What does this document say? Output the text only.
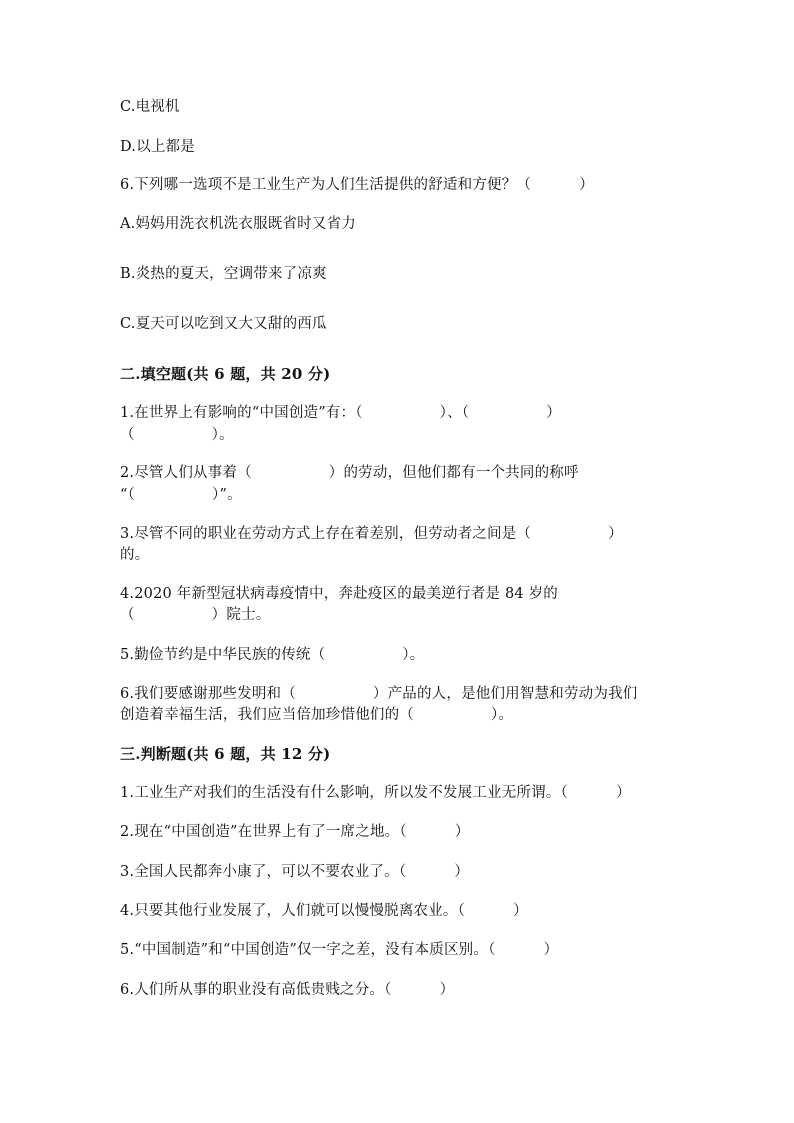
C.电视机
D.以上都是
6.下列哪一选项不是工业生产为人们生活提供的舒适和方便？（          ）
A.妈妈用洗衣机洗衣服既省时又省力
B.炎热的夏天，空调带来了凉爽
C.夏天可以吃到又大又甜的西瓜
二.填空题(共 6 题，共 20 分)
1.在世界上有影响的“中国创造”有：（                ）、（                ）
（                ）。
2.尽管人们从事着（                ）的劳动，但他们都有一个共同的称呼
“（                ）”。
3.尽管不同的职业在劳动方式上存在着差别，但劳动者之间是（                ）
的。
4.2020 年新型冠状病毒疫情中，奔赴疫区的最美逆行者是 84 岁的
（                ）院士。
5.勤俭节约是中华民族的传统（                ）。
6.我们要感谢那些发明和（                ）产品的人，是他们用智慧和劳动为我们
创造着幸福生活，我们应当倍加珍惜他们的（                ）。
三.判断题(共 6 题，共 12 分)
1.工业生产对我们的生活没有什么影响，所以发不发展工业无所谓。（          ）
2.现在“中国创造”在世界上有了一席之地。（          ）
3.全国人民都奔小康了，可以不要农业了。（          ）
4.只要其他行业发展了，人们就可以慢慢脱离农业。（          ）
5.“中国制造”和“中国创造”仅一字之差，没有本质区别。（          ）
6.人们所从事的职业没有高低贵贱之分。（          ）
